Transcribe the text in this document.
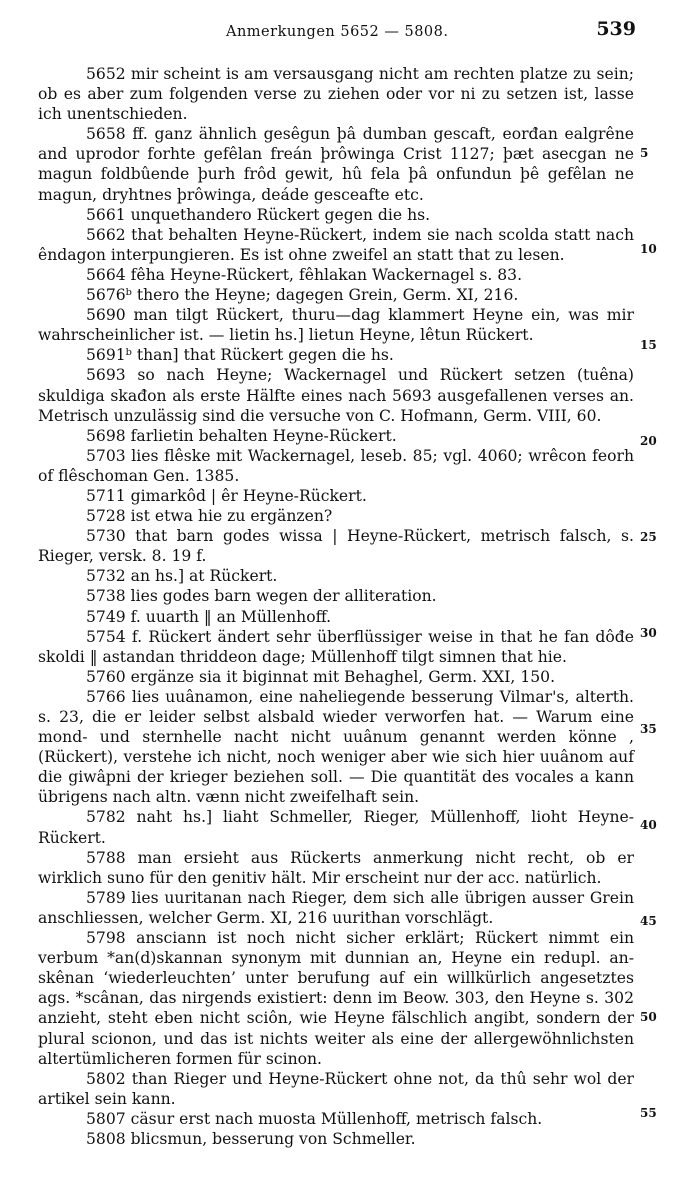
Anmerkungen 5652 — 5808.	539

5652 mir scheint is am versausgang nicht am rechten platze zu sein; ob es aber zum folgenden verse zu ziehen oder vor ni zu setzen ist, lasse ich unentschieden.

5658 ff. ganz ähnlich gesêgun þâ dumban gescaft, eorđan ealgrêne and uprodor forhte gefêlan freán þrôwinga Crist 1127; þæt asecgan ne magun foldbûende þurh frôd gewit, hû fela þâ onfundun þê gefêlan ne magun, dryhtnes þrôwinga, deáde gesceafte etc.

5661 unquethandero Rückert gegen die hs.

5662 that behalten Heyne-Rückert, indem sie nach scolda statt nach êndagon interpungieren. Es ist ohne zweifel an statt that zu lesen.

5664 fêha Heyne-Rückert, fêhlakan Wackernagel s. 83.

5676ᵇ thero the Heyne; dagegen Grein, Germ. XI, 216.

5690 man tilgt Rückert, thuru—dag klammert Heyne ein, was mir wahrscheinlicher ist. — lietin hs.] lietun Heyne, lêtun Rückert.

5691ᵇ than] that Rückert gegen die hs.

5693 so nach Heyne; Wackernagel und Rückert setzen (tuêna) skuldiga skađon als erste Hälfte eines nach 5693 ausgefallenen verses an. Metrisch unzulässig sind die versuche von C. Hofmann, Germ. VIII, 60.

5698 farlietin behalten Heyne-Rückert.

5703 lies flêske mit Wackernagel, leseb. 85; vgl. 4060; wrêcon feorh of flêschoman Gen. 1385.

5711 gimarkôd | êr Heyne-Rückert.

5728 ist etwa hie zu ergänzen?

5730 that barn godes wissa | Heyne-Rückert, metrisch falsch, s. Rieger, versk. 8. 19 f.

5732 an hs.] at Rückert.

5738 lies godes barn wegen der alliteration.

5749 f. uuarth ‖ an Müllenhoff.

5754 f. Rückert ändert sehr überflüssiger weise in that he fan dôđe skoldi ‖ astandan thriddeon dage; Müllenhoff tilgt simnen that hie.

5760 ergänze sia it biginnat mit Behaghel, Germ. XXI, 150.

5766 lies uuânamon, eine naheliegende besserung Vilmar's, alterth. s. 23, die er leider selbst alsbald wieder verworfen hat. — Warum eine mond- und sternhelle nacht nicht uuânum genannt werden könne ,(Rückert), verstehe ich nicht, noch weniger aber wie sich hier uuânom auf die giwâpni der krieger beziehen soll. — Die quantität des vocales a kann übrigens nach altn. vænn nicht zweifelhaft sein.

5782 naht hs.] liaht Schmeller, Rieger, Müllenhoff, lioht Heyne-Rückert.

5788 man ersieht aus Rückerts anmerkung nicht recht, ob er wirklich suno für den genitiv hält. Mir erscheint nur der acc. natürlich.

5789 lies uuritanan nach Rieger, dem sich alle übrigen ausser Grein anschliessen, welcher Germ. XI, 216 uurithan vorschlägt.

5798 ansciann ist noch nicht sicher erklärt; Rückert nimmt ein verbum *an(d)skannan synonym mit dunnian an, Heyne ein redupl. an-skênan ‘wiederleuchten’ unter berufung auf ein willkürlich angesetztes ags. *scânan, das nirgends existiert: denn im Beow. 303, den Heyne s. 302 anzieht, steht eben nicht sciôn, wie Heyne fälschlich angibt, sondern der plural scionon, und das ist nichts weiter als eine der allergewöhnlichsten altertümlicheren formen für scinon.

5802 than Rieger und Heyne-Rückert ohne not, da thû sehr wol der artikel sein kann.

5807 cäsur erst nach muosta Müllenhoff, metrisch falsch.

5808 blicsmun, besserung von Schmeller.

5
10
15
20
25
30
35
40
45
50
55
